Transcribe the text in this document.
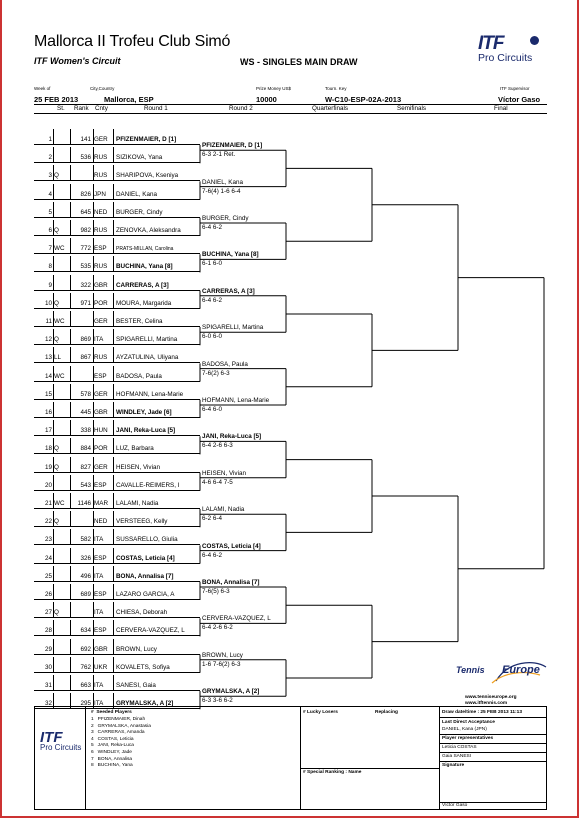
Mallorca II Trofeu Club Simó
ITF Women's Circuit	WS - SINGLES MAIN DRAW
ITF
Pro Circuits
Week of	City,Country	Prize Money US$	Tourn. Key	ITF Supervisor
25 FEB 2013	Mallorca, ESP	10000	W-C10-ESP-02A-2013	Víctor Gaso
St. Rank Cnty	Round 1	Round 2	Quarterfinals	Semifinals	Final
1	141 GER	PFIZENMAIER, D [1]
2	536 RUS	SIZIKOVA, Yana
3 Q	RUS	SHARIPOVA, Kseniya
4	826 JPN	DANIEL, Kana
5	645 NED	BURGER, Cindy
6 Q	982 RUS	ZENOVKA, Aleksandra
7 WC	772 ESP	PRATS-MILLAN, Carolina
8	535 RUS	BUCHINA, Yana [8]
9	322 GBR	CARRERAS, A [3]
10 Q	971 POR	MOURA, Margarida
11 WC	GER	BESTER, Celina
12 Q	869 ITA	SPIGARELLI, Martina
13 LL	867 RUS	AYZATULINA, Uliyana
14 WC	ESP	BADOSA, Paula
15	578 GER	HOFMANN, Lena-Marie
16	445 GBR	WINDLEY, Jade [6]
17	338 HUN	JANI, Reka-Luca [5]
18 Q	884 POR	LUZ, Barbara
19 Q	827 GER	HEISEN, Vivian
20	543 ESP	CAVALLE-REIMERS, I
21 WC	1146 MAR	LALAMI, Nadia
22 Q	NED	VERSTEEG, Kelly
23	582 ITA	SUSSARELLO, Giulia
24	326 ESP	COSTAS, Leticia [4]
25	496 ITA	BONA, Annalisa [7]
26	689 ESP	LAZARO GARCIA, A
27 Q	ITA	CHIESA, Deborah
28	634 ESP	CERVERA-VAZQUEZ, L
29	692 GBR	BROWN, Lucy
30	762 UKR	KOVALETS, Sofiya
31	663 ITA	SANESI, Gaia
32	295 ITA	GRYMALSKA, A [2]
PFIZENMAIER, D [1]
6-3 2-1 Ret.
DANIEL, Kana
7-6(4) 1-6 6-4
BURGER, Cindy
6-4 6-2
BUCHINA, Yana [8]
6-1 6-0
CARRERAS, A [3]
6-4 6-2
SPIGARELLI, Martina
6-0 6-0
BADOSA, Paula
7-6(2) 6-3
HOFMANN, Lena-Marie
6-4 6-0
JANI, Reka-Luca [5]
6-4 2-6 6-3
HEISEN, Vivian
4-6 6-4 7-5
LALAMI, Nadia
6-2 6-4
COSTAS, Leticia [4]
6-4 6-2
BONA, Annalisa [7]
7-6(5) 6-3
CERVERA-VAZQUEZ, L
6-4 2-6 6-2
BROWN, Lucy
1-6 7-6(2) 6-3
GRYMALSKA, A [2]
6-3 3-6 6-2
Tennis Europe
www.tenniseurope.org
www.itftennis.com
ITF
Pro Circuits
#  Seeded Players
1 PFIZENMAIER, Dinah
2 GRYMALSKA, Anastasia
3 CARRERAS, Amanda
4 COSTAS, Leticia
5 JANI, Reka-Luca
6 WINDLEY, Jade
7 BONA, Annalisa
8 BUCHINA, Yana
# Lucky Losers	Replacing
# Special Ranking : Name
Draw date/time : 25 FEB 2013 11:13
Last Direct Acceptance
DANIEL, Kana (JPN)
Player representatives
Leticia COSTAS
Gaia SANESI
Signature
Víctor Gaso
